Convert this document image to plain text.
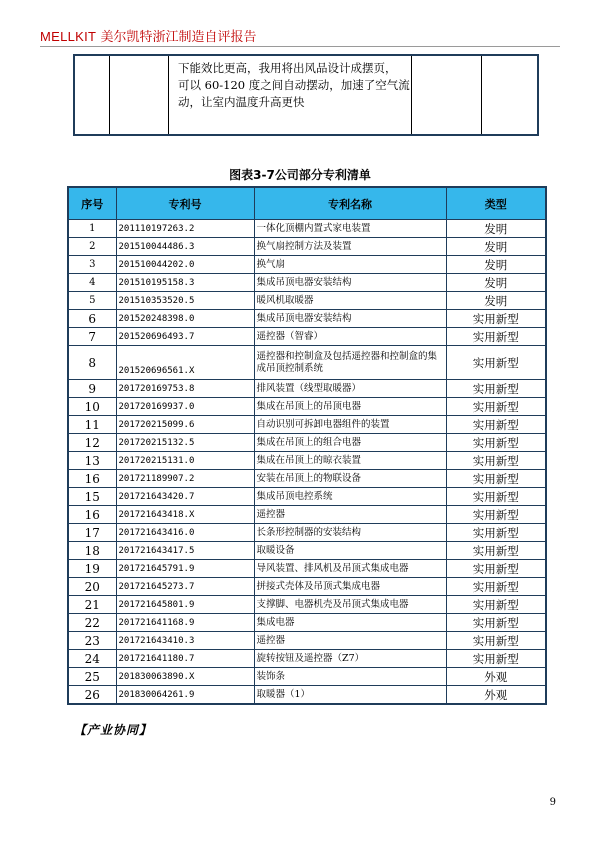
MELLKIT 美尔凯特浙江制造自评报告
下能效比更高，我用将出风品设计成摆页，
可以 60-120 度之间自动摆动，加速了空气流
动，让室内温度升高更快
图表3-7公司部分专利清单
序号	专利号	专利名称	类型
1	201110197263.2	一体化顶棚内置式家电装置	发明
2	201510044486.3	换气扇控制方法及装置	发明
3	201510044202.0	换气扇	发明
4	201510195158.3	集成吊顶电器安装结构	发明
5	201510353520.5	暖风机取暖器	发明
6	201520248398.0	集成吊顶电器安装结构	实用新型
7	201520696493.7	遥控器（智睿）	实用新型
8	201520696561.X	遥控器和控制盒及包括遥控器和控制盒的集成吊顶控制系统	实用新型
9	201720169753.8	排风装置（线型取暖器）	实用新型
10	201720169937.0	集成在吊顶上的吊顶电器	实用新型
11	201720215099.6	自动识别可拆卸电器组件的装置	实用新型
12	201720215132.5	集成在吊顶上的组合电器	实用新型
13	201720215131.0	集成在吊顶上的晾衣装置	实用新型
16	201721189907.2	安装在吊顶上的物联设备	实用新型
15	201721643420.7	集成吊顶电控系统	实用新型
16	201721643418.X	遥控器	实用新型
17	201721643416.0	长条形控制器的安装结构	实用新型
18	201721643417.5	取暖设备	实用新型
19	201721645791.9	导风装置、排风机及吊顶式集成电器	实用新型
20	201721645273.7	拼接式壳体及吊顶式集成电器	实用新型
21	201721645801.9	支撑脚、电器机壳及吊顶式集成电器	实用新型
22	201721641168.9	集成电器	实用新型
23	201721643410.3	遥控器	实用新型
24	201721641180.7	旋转按钮及遥控器（Z7）	实用新型
25	201830063890.X	装饰条	外观
26	201830064261.9	取暖器（1）	外观
【产业协同】
9
